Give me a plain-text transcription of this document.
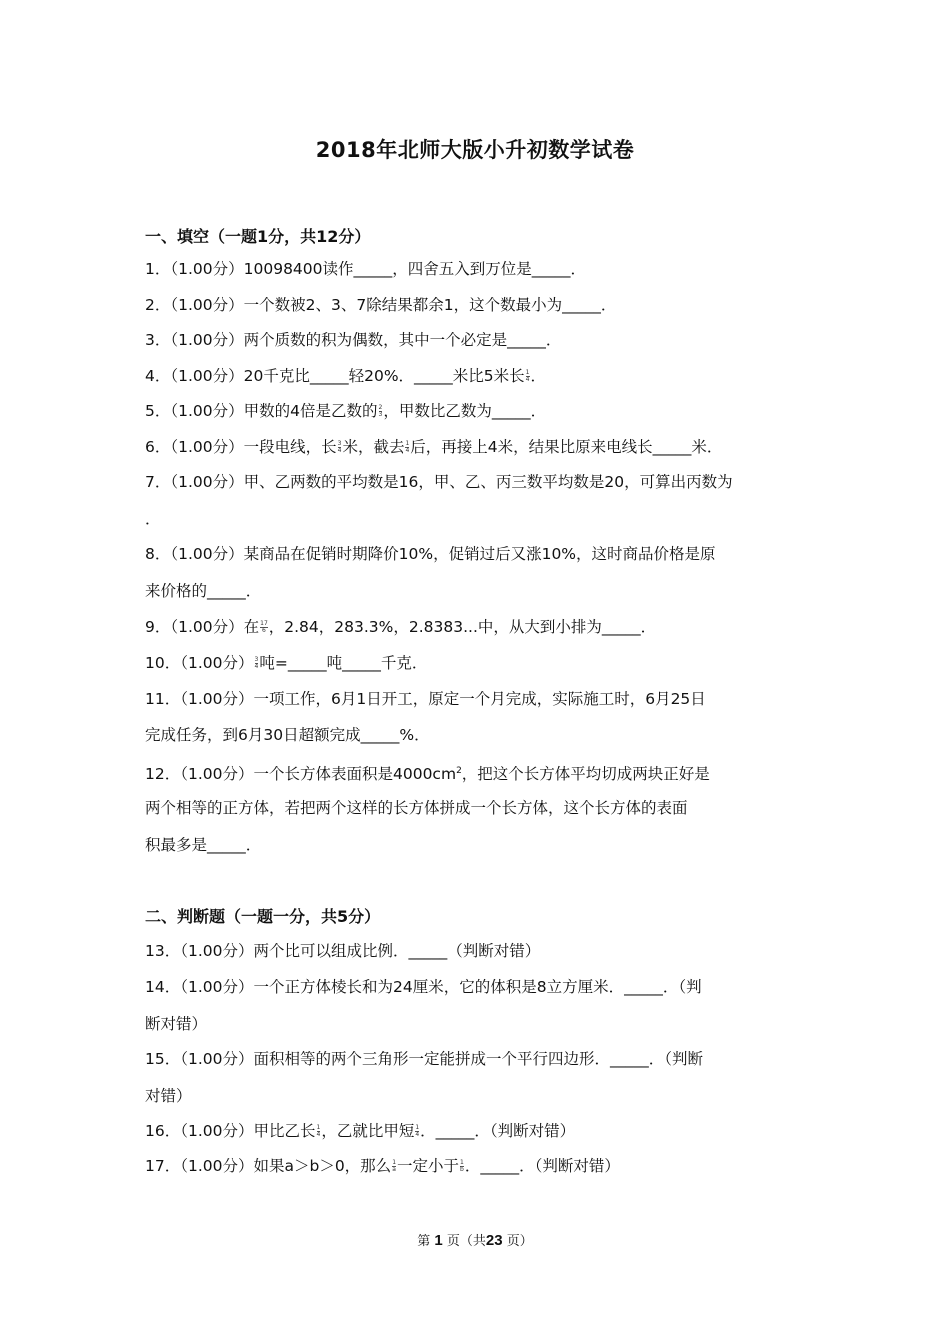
2018年北师大版小升初数学试卷
一、填空（一题1分，共12分）
1．（1.00分）10098400读作_____，四舍五入到万位是_____．
2．（1.00分）一个数被2、3、7除结果都余1，这个数最小为_____．
3．（1.00分）两个质数的积为偶数，其中一个必定是_____．
4．（1.00分）20千克比_____轻20%．_____米比5米长 $\frac{1}{4}$ ．
5．（1.00分）甲数的4倍是乙数的 $\frac{2}{3}$ ，甲数比乙数为_____．
6．（1.00分）一段电线，长 $\frac{3}{4}$ 米，截去 $\frac{1}{4}$ 后，再接上4米，结果比原来电线长_____米．
7．（1.00分）甲、乙两数的平均数是16，甲、乙、丙三数平均数是20，可算出丙数为
．
8．（1.00分）某商品在促销时期降价10%，促销过后又涨10%，这时商品价格是原
来价格的_____．
9．（1.00分）在 $\frac{17}{6}$ ，2.84，283.3%，2.8383...中，从大到小排为_____．
10．（1.00分） $\frac{3}{4}$ 吨=_____吨_____千克．
11．（1.00分）一项工作，6月1日开工，原定一个月完成，实际施工时，6月25日
完成任务，到6月30日超额完成_____%．
12．（1.00分）一个长方体表面积是$4000cm^2$，把这个长方体平均切成两块正好是
两个相等的正方体，若把两个这样的长方体拼成一个长方体，这个长方体的表面
积最多是_____．
二、判断题（一题一分，共5分）
13．（1.00分）两个比可以组成比例．_____（判断对错）
14．（1.00分）一个正方体棱长和为24厘米，它的体积是8立方厘米．_____．（判
断对错）
15．（1.00分）面积相等的两个三角形一定能拼成一个平行四边形．_____．（判断
对错）
16．（1.00分）甲比乙长 $\frac{1}{4}$ ，乙就比甲短 $\frac{1}{4}$ ．_____．（判断对错）
17．（1.00分）如果a＞b＞0，那么 $\frac{1}{a}$ 一定小于 $\frac{1}{b}$ ．_____．（判断对错）
第 1 页（共23 页）
